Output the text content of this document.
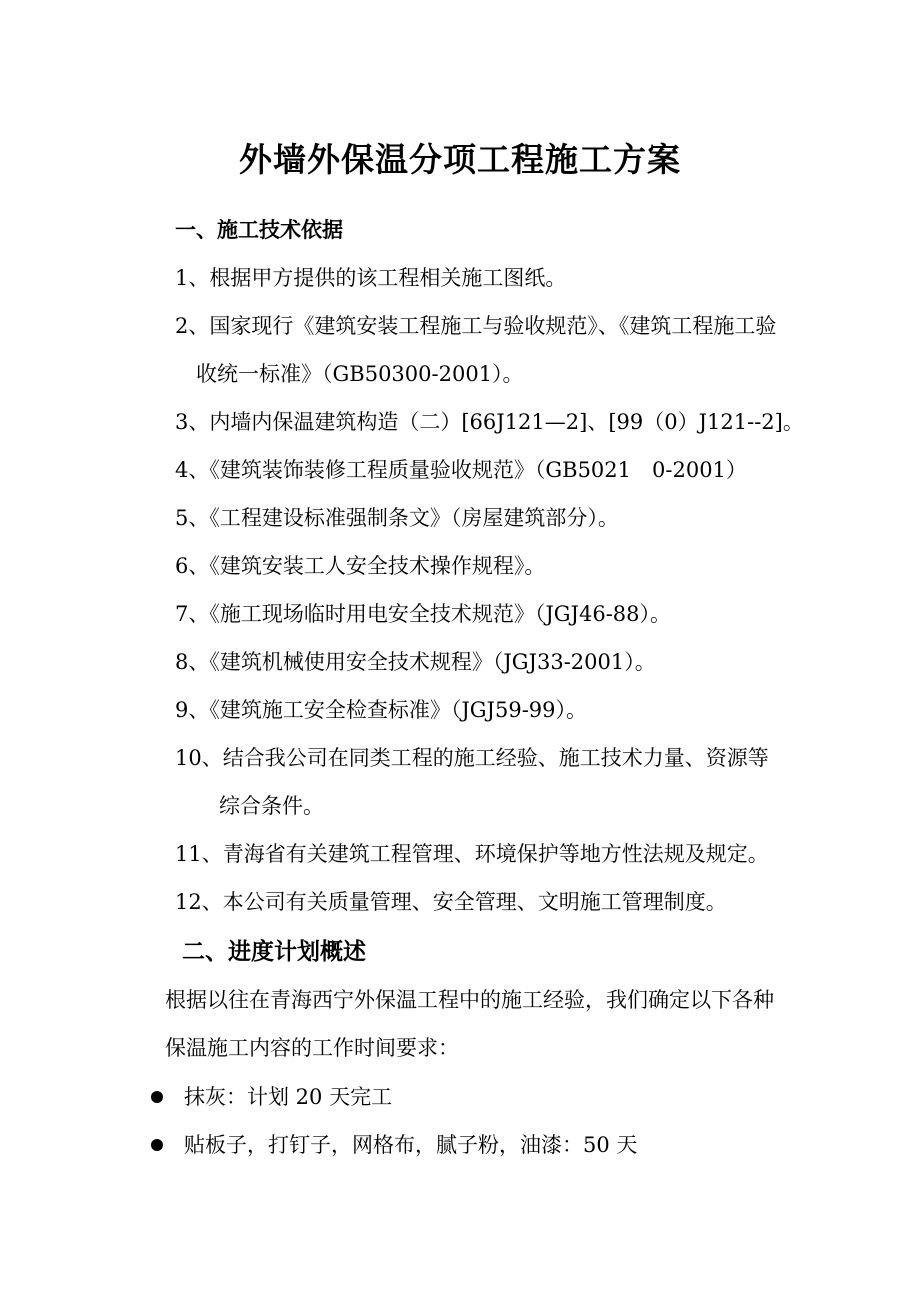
外墙外保温分项工程施工方案
一、施工技术依据
1、根据甲方提供的该工程相关施工图纸。
2、国家现行《建筑安装工程施工与验收规范》、《建筑工程施工验
收统一标准》（GB50300-2001）。
3、内墙内保温建筑构造（二）[66J121—2]、[99（0）J121--2]。
4、《建筑装饰装修工程质量验收规范》（GB5021　0-2001）
5、《工程建设标准强制条文》（房屋建筑部分）。
6、《建筑安装工人安全技术操作规程》。
7、《施工现场临时用电安全技术规范》（JGJ46-88）。
8、《建筑机械使用安全技术规程》（JGJ33-2001）。
9、《建筑施工安全检查标准》（JGJ59-99）。
10、结合我公司在同类工程的施工经验、施工技术力量、资源等
综合条件。
11、青海省有关建筑工程管理、环境保护等地方性法规及规定。
12、本公司有关质量管理、安全管理、文明施工管理制度。
二、进度计划概述
根据以往在青海西宁外保温工程中的施工经验，我们确定以下各种
保温施工内容的工作时间要求：
抹灰：计划 20 天完工
贴板子，打钉子，网格布，腻子粉，油漆：50 天
